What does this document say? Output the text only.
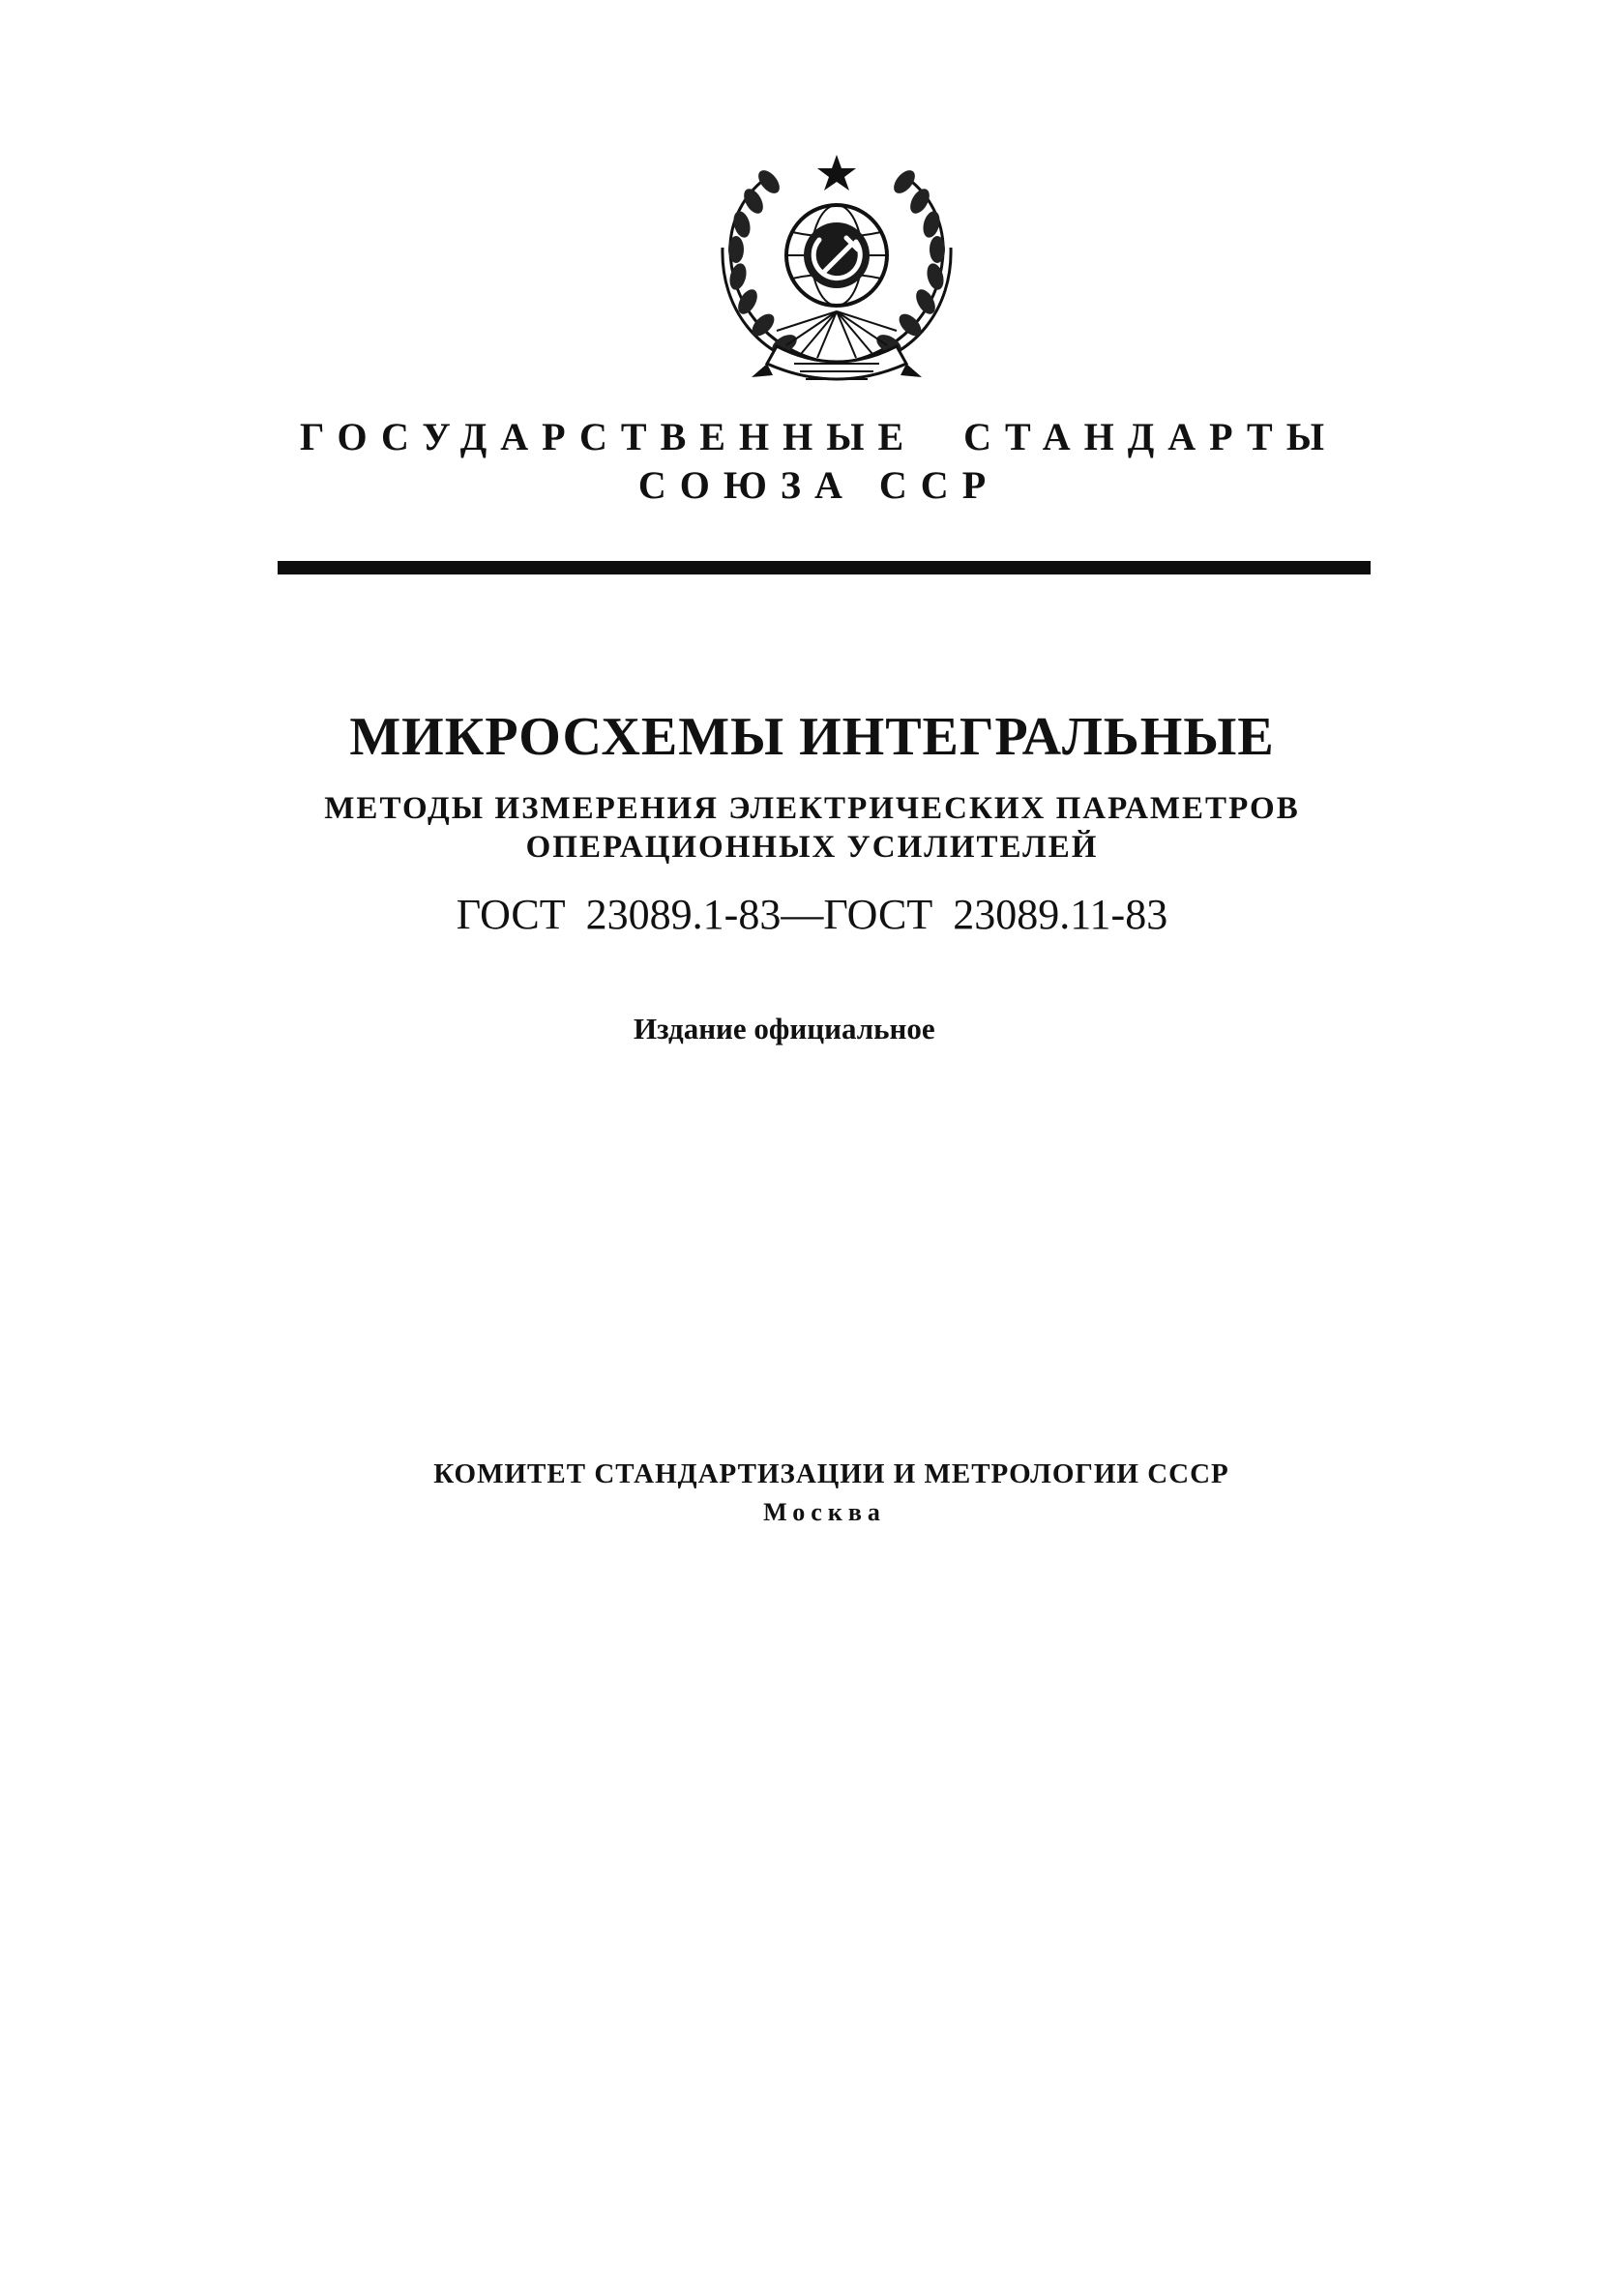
ГОСУДАРСТВЕННЫЕ  СТАНДАРТЫ
СОЮЗА ССР
МИКРОСХЕМЫ ИНТЕГРАЛЬНЫЕ
МЕТОДЫ ИЗМЕРЕНИЯ ЭЛЕКТРИЧЕСКИХ ПАРАМЕТРОВ
ОПЕРАЦИОННЫХ УСИЛИТЕЛЕЙ
ГОСТ 23089.1-83—ГОСТ 23089.11-83
Издание официальное
КОМИТЕТ СТАНДАРТИЗАЦИИ И МЕТРОЛОГИИ СССР
Москва
